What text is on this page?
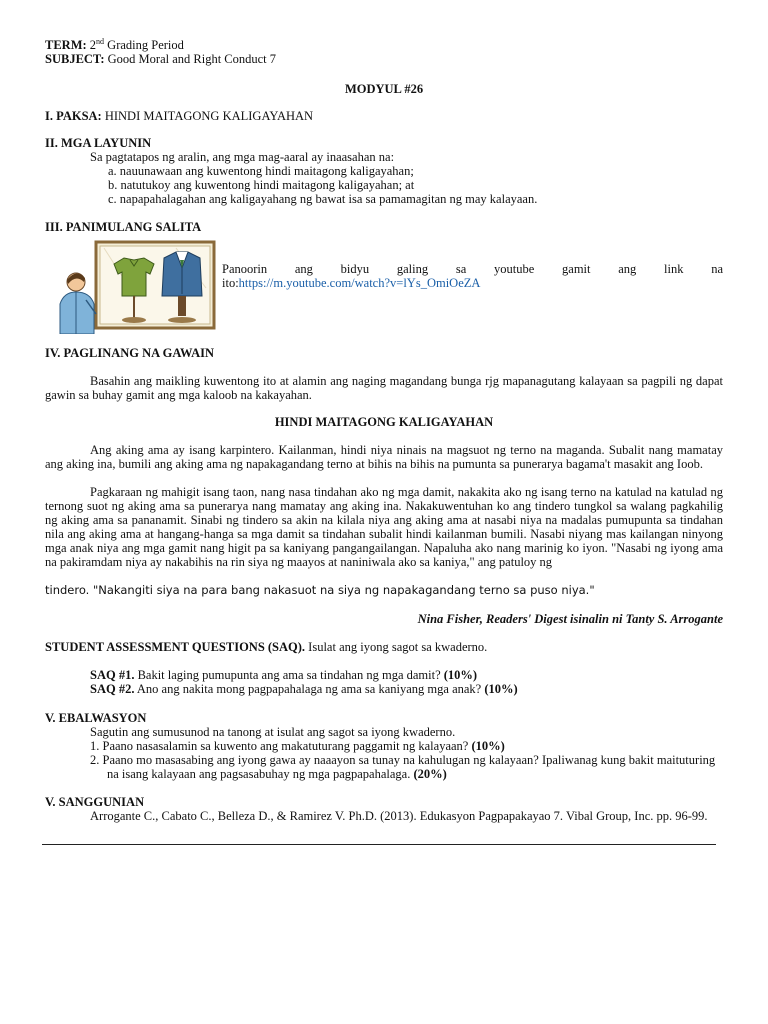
TERM: 2nd Grading Period
SUBJECT: Good Moral and Right Conduct 7
MODYUL #26
I. PAKSA: HINDI MAITAGONG KALIGAYAHAN
II. MGA LAYUNIN
Sa pagtatapos ng aralin, ang mga mag-aaral ay inaasahan na:
a. nauunawaan ang kuwentong hindi maitagong kaligayahan;
b. natutukoy ang kuwentong hindi maitagong kaligayahan; at
c. napapahalagahan ang kaligayahang ng bawat isa sa pamamagitan ng may kalayaan.
III. PANIMULANG SALITA
Panoorin ang bidyu galing sa youtube gamit ang link na
ito:https://m.youtube.com/watch?v=lYs_OmiOeZA
IV. PAGLINANG NA GAWAIN
Basahin ang maikling kuwentong ito at alamin ang naging magandang bunga rjg mapanagutang kalayaan sa pagpili ng dapat gawin sa buhay gamit ang mga kaloob na kakayahan.
HINDI MAITAGONG KALIGAYAHAN
Ang aking ama ay isang karpintero. Kailanman, hindi niya ninais na magsuot ng terno na maganda. Subalit nang mamatay ang aking ina, bumili ang aking ama ng napakagandang terno at bihis na bihis na pumunta sa punerarya bagama't masakit ang Ioob.
Pagkaraan ng mahigit isang taon, nang nasa tindahan ako ng mga damit, nakakita ako ng isang terno na katulad na katulad ng ternong suot ng aking ama sa punerarya nang mamatay ang aking ina. Nakakuwentuhan ko ang tindero tungkol sa walang pagkahilig ng aking ama sa pananamit. Sinabi ng tindero sa akin na kilala niya ang aking ama at nasabi niya na madalas pumupunta sa tindahan nila ang aking ama at hangang-hanga sa mga damit sa tindahan subalit hindi kailanman bumili. Nasabi niyang mas kailangan ninyong mga anak niya ang mga gamit nang higit pa sa kaniyang pangangailangan. Napaluha ako nang marinig ko iyon. "Nasabi ng iyong ama na pakiramdam niya ay nakabihis na rin siya ng maayos at naniniwala ako sa kaniya," ang patuloy ng
tindero. "Nakangiti siya na para bang nakasuot na siya ng napakagandang terno sa puso niya."
Nina Fisher, Readers' Digest isinalin ni Tanty S. Arrogante
STUDENT ASSESSMENT QUESTIONS (SAQ). Isulat ang iyong sagot sa kwaderno.
SAQ #1. Bakit laging pumupunta ang ama sa tindahan ng mga damit? (10%)
SAQ #2. Ano ang nakita mong pagpapahalaga ng ama sa kaniyang mga anak? (10%)
V. EBALWASYON
Sagutin ang sumusunod na tanong at isulat ang sagot sa iyong kwaderno.
1. Paano nasasalamin sa kuwento ang makatuturang paggamit ng kalayaan? (10%)
2. Paano mo masasabing ang iyong gawa ay naaayon sa tunay na kahulugan ng kalayaan? Ipaliwanag kung bakit maituturing na isang kalayaan ang pagsasabuhay ng mga pagpapahalaga. (20%)
V. SANGGUNIAN
Arrogante C., Cabato C., Belleza D., & Ramirez V. Ph.D. (2013). Edukasyon Pagpapakayao 7. Vibal Group, Inc. pp. 96-99.
